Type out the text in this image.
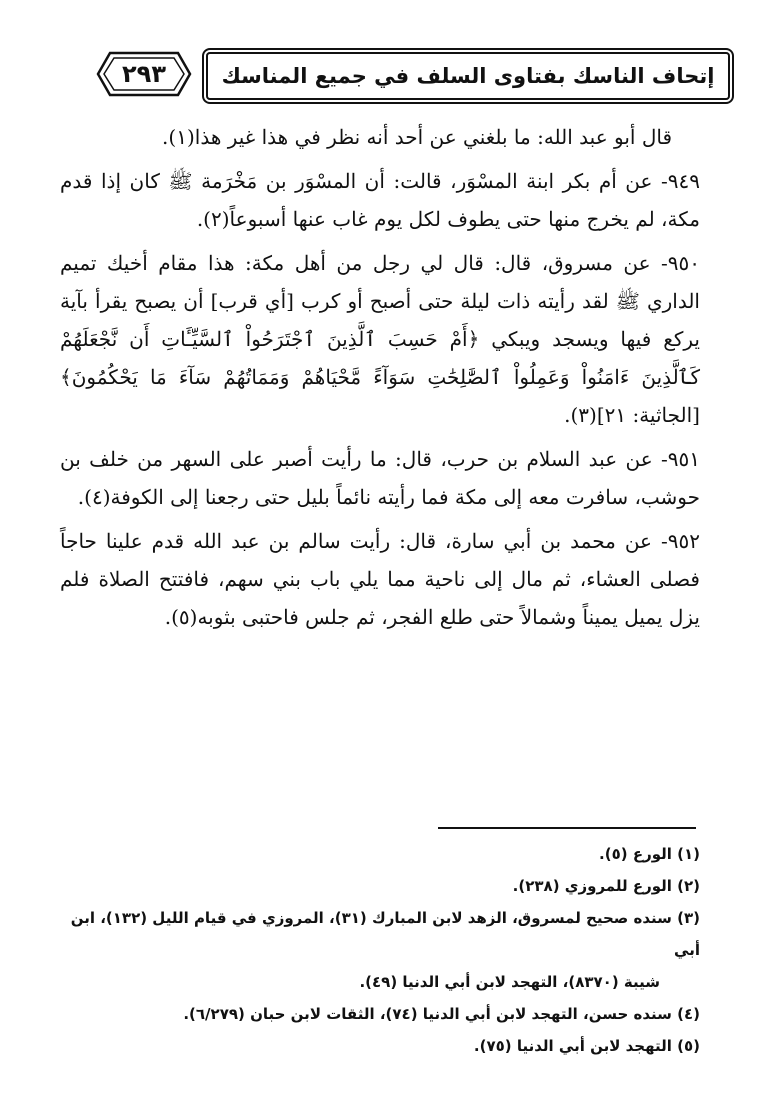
إتحاف الناسك بفتاوى السلف في جميع المناسك
٢٩٣

قال أبو عبد الله: ما بلغني عن أحد أنه نظر في هذا غير هذا(١).

٩٤٩- عن أم بكر ابنة المسْوَر، قالت: أن المسْوَر بن مَخْرَمة ﷺ كان إذا قدم مكة، لم يخرج منها حتى يطوف لكل يوم غاب عنها أسبوعاً(٢).

٩٥٠- عن مسروق، قال: قال لي رجل من أهل مكة: هذا مقام أخيك تميم الداري ﷺ لقد رأيته ذات ليلة حتى أصبح أو كرب [أي قرب] أن يصبح يقرأ بآية يركع فيها ويسجد ويبكي ﴿أَمْ حَسِبَ ٱلَّذِينَ ٱجْتَرَحُواْ ٱلسَّيِّـَٔاتِ أَن نَّجْعَلَهُمْ كَٱلَّذِينَ ءَامَنُواْ وَعَمِلُواْ ٱلصَّٰلِحَٰتِ سَوَآءً مَّحْيَاهُمْ وَمَمَاتُهُمْ سَآءَ مَا يَحْكُمُونَ﴾ [الجاثية: ٢١](٣).

٩٥١- عن عبد السلام بن حرب، قال: ما رأيت أصبر على السهر من خلف بن حوشب، سافرت معه إلى مكة فما رأيته نائماً بليل حتى رجعنا إلى الكوفة(٤).

٩٥٢- عن محمد بن أبي سارة، قال: رأيت سالم بن عبد الله قدم علينا حاجاً فصلى العشاء، ثم مال إلى ناحية مما يلي باب بني سهم، فافتتح الصلاة فلم يزل يميل يميناً وشمالاً حتى طلع الفجر، ثم جلس فاحتبى بثوبه(٥).

(١) الورع (٥).

(٢) الورع للمروزي (٢٣٨).

(٣) سنده صحيح لمسروق، الزهد لابن المبارك (٣١)، المروزي في قيام الليل (١٣٢)، ابن أبي

شيبة (٨٣٧٠)، التهجد لابن أبي الدنيا (٤٩).

(٤) سنده حسن، التهجد لابن أبي الدنيا (٧٤)، الثقات لابن حبان (٦/٢٧٩).

(٥) التهجد لابن أبي الدنيا (٧٥).
